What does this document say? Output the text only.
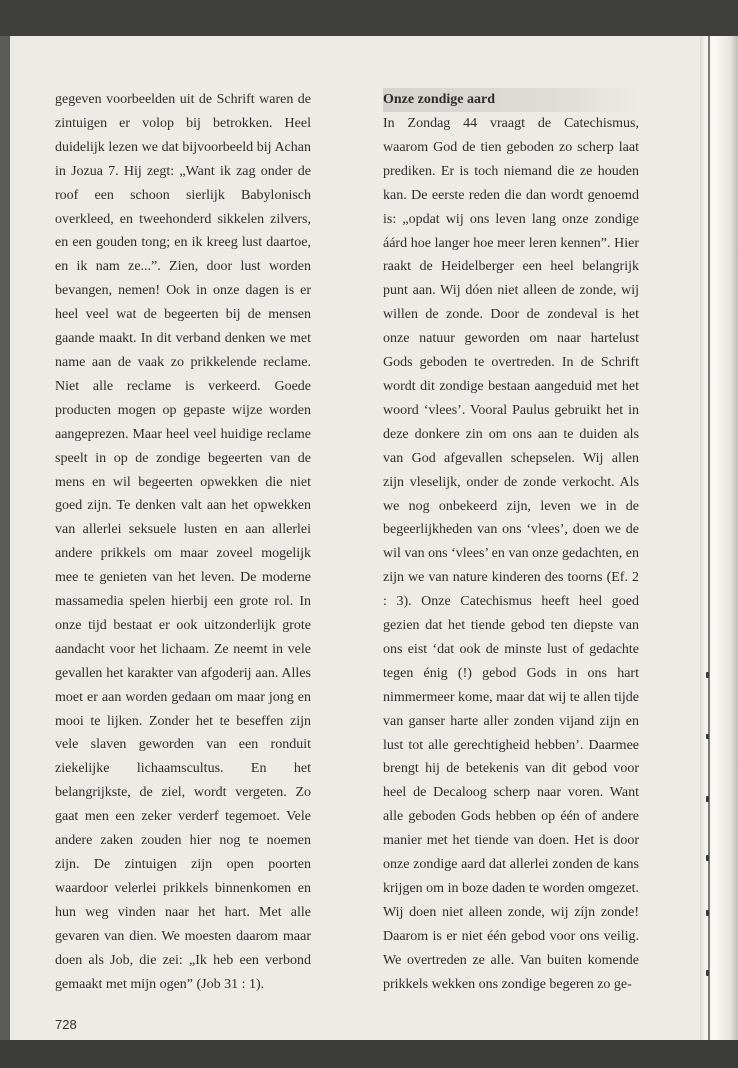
gegeven voorbeelden uit de Schrift waren de zintuigen er volop bij betrokken. Heel duidelijk lezen we dat bijvoorbeeld bij Achan in Jozua 7. Hij zegt: „Want ik zag onder de roof een schoon sierlijk Babylonisch overkleed, en tweehonderd sikkelen zilvers, en een gouden tong; en ik kreeg lust daartoe, en ik nam ze...”. Zien, door lust worden bevangen, nemen! Ook in onze dagen is er heel veel wat de begeerten bij de mensen gaande maakt. In dit verband denken we met name aan de vaak zo prikkelende reclame. Niet alle reclame is verkeerd. Goede producten mogen op gepaste wijze worden aangeprezen. Maar heel veel huidige reclame speelt in op de zondige begeerten van de mens en wil begeerten opwekken die niet goed zijn. Te denken valt aan het opwekken van allerlei seksuele lusten en aan allerlei andere prikkels om maar zoveel mogelijk mee te genieten van het leven. De moderne massamedia spelen hierbij een grote rol. In onze tijd bestaat er ook uitzonderlijk grote aandacht voor het lichaam. Ze neemt in vele gevallen het karakter van afgoderij aan. Alles moet er aan worden gedaan om maar jong en mooi te lijken. Zonder het te beseffen zijn vele slaven geworden van een ronduit ziekelijke lichaamscultus. En het belangrijkste, de ziel, wordt vergeten. Zo gaat men een zeker verderf tegemoet. Vele andere zaken zouden hier nog te noemen zijn. De zintuigen zijn open poorten waardoor velerlei prikkels binnenkomen en hun weg vinden naar het hart. Met alle gevaren van dien. We moesten daarom maar doen als Job, die zei: „Ik heb een verbond gemaakt met mijn ogen” (Job 31 : 1).

Onze zondige aard

In Zondag 44 vraagt de Catechismus, waarom God de tien geboden zo scherp laat prediken. Er is toch niemand die ze houden kan. De eerste reden die dan wordt genoemd is: „opdat wij ons leven lang onze zondige áárd hoe langer hoe meer leren kennen”. Hier raakt de Heidelberger een heel belangrijk punt aan. Wij dóen niet alleen de zonde, wij willen de zonde. Door de zondeval is het onze natuur geworden om naar hartelust Gods geboden te overtreden. In de Schrift wordt dit zondige bestaan aangeduid met het woord ‘vlees’. Vooral Paulus gebruikt het in deze donkere zin om ons aan te duiden als van God afgevallen schepselen. Wij allen zijn vleselijk, onder de zonde verkocht. Als we nog onbekeerd zijn, leven we in de begeerlijkheden van ons ‘vlees’, doen we de wil van ons ‘vlees’ en van onze gedachten, en zijn we van nature kinderen des toorns (Ef. 2 : 3). Onze Catechismus heeft heel goed gezien dat het tiende gebod ten diepste van ons eist ‘dat ook de minste lust of gedachte tegen énig (!) gebod Gods in ons hart nimmermeer kome, maar dat wij te allen tijde van ganser harte aller zonden vijand zijn en lust tot alle gerechtigheid hebben’. Daarmee brengt hij de betekenis van dit gebod voor heel de Decaloog scherp naar voren. Want alle geboden Gods hebben op één of andere manier met het tiende van doen. Het is door onze zondige aard dat allerlei zonden de kans krijgen om in boze daden te worden omgezet. Wij doen niet alleen zonde, wij zíjn zonde! Daarom is er niet één gebod voor ons veilig. We overtreden ze alle. Van buiten komende prikkels wekken ons zondige begeren zo ge-

728
